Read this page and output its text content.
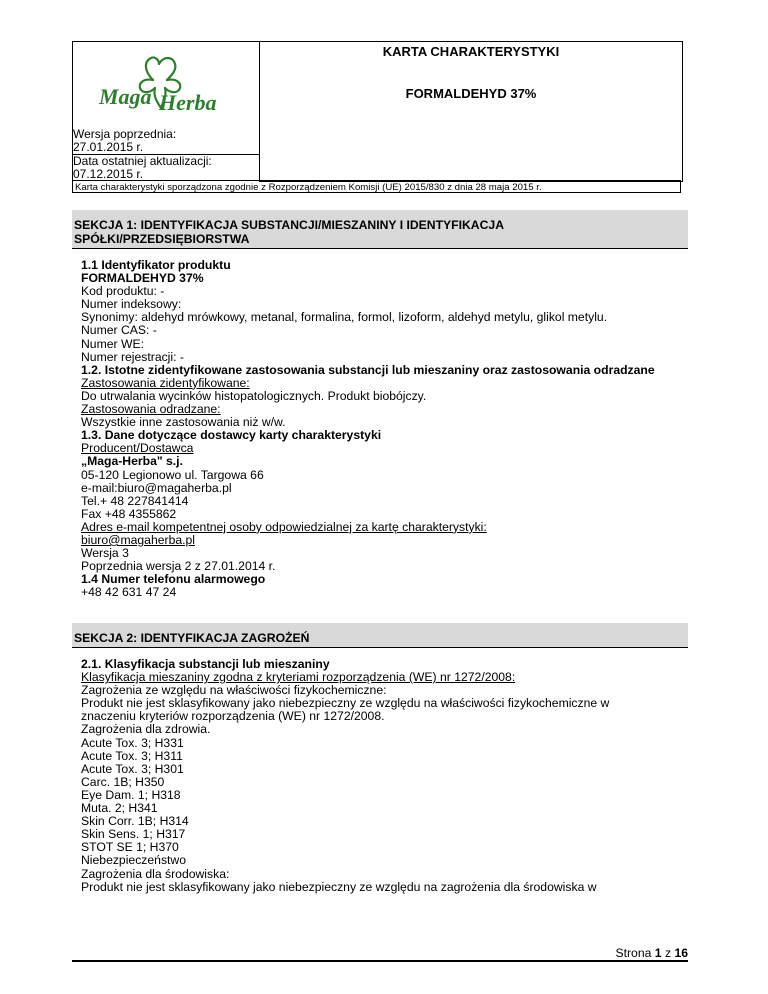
Maga Herba
KARTA CHARAKTERYSTYKI
FORMALDEHYD 37%
Wersja poprzednia:
27.01.2015 r.
Data ostatniej aktualizacji:
07.12.2015 r.
Karta charakterystyki sporządzona zgodnie z Rozporządzeniem Komisji (UE) 2015/830 z dnia 28 maja 2015 r.
SEKCJA 1: IDENTYFIKACJA SUBSTANCJI/MIESZANINY I IDENTYFIKACJA
SPÓŁKI/PRZEDSIĘBIORSTWA
1.1 Identyfikator produktu
FORMALDEHYD 37%
Kod produktu: -
Numer indeksowy:
Synonimy: aldehyd mrówkowy, metanal, formalina, formol, lizoform, aldehyd metylu, glikol metylu.
Numer CAS: -
Numer WE:
Numer rejestracji: -
1.2. Istotne zidentyfikowane zastosowania substancji lub mieszaniny oraz zastosowania odradzane
Zastosowania zidentyfikowane:
Do utrwalania wycinków histopatologicznych. Produkt biobójczy.
Zastosowania odradzane:
Wszystkie inne zastosowania niż w/w.
1.3. Dane dotyczące dostawcy karty charakterystyki
Producent/Dostawca
„Maga-Herba" s.j.
05-120 Legionowo ul. Targowa 66
e-mail:biuro@magaherba.pl
Tel.+ 48 227841414
Fax +48 4355862
Adres e-mail kompetentnej osoby odpowiedzialnej za kartę charakterystyki:
biuro@magaherba.pl
Wersja 3
Poprzednia wersja 2 z 27.01.2014 r.
1.4 Numer telefonu alarmowego
+48 42 631 47 24
SEKCJA 2: IDENTYFIKACJA ZAGROŻEŃ
2.1. Klasyfikacja substancji lub mieszaniny
Klasyfikacja mieszaniny zgodna z kryteriami rozporządzenia (WE) nr 1272/2008:
Zagrożenia ze względu na właściwości fizykochemiczne:
Produkt nie jest sklasyfikowany jako niebezpieczny ze względu na właściwości fizykochemiczne w
znaczeniu kryteriów rozporządzenia (WE) nr 1272/2008.
Zagrożenia dla zdrowia.
Acute Tox. 3; H331
Acute Tox. 3; H311
Acute Tox. 3; H301
Carc. 1B; H350
Eye Dam. 1; H318
Muta. 2; H341
Skin Corr. 1B; H314
Skin Sens. 1; H317
STOT SE 1; H370
Niebezpieczeństwo
Zagrożenia dla środowiska:
Produkt nie jest sklasyfikowany jako niebezpieczny ze względu na zagrożenia dla środowiska w
Strona 1 z 16
